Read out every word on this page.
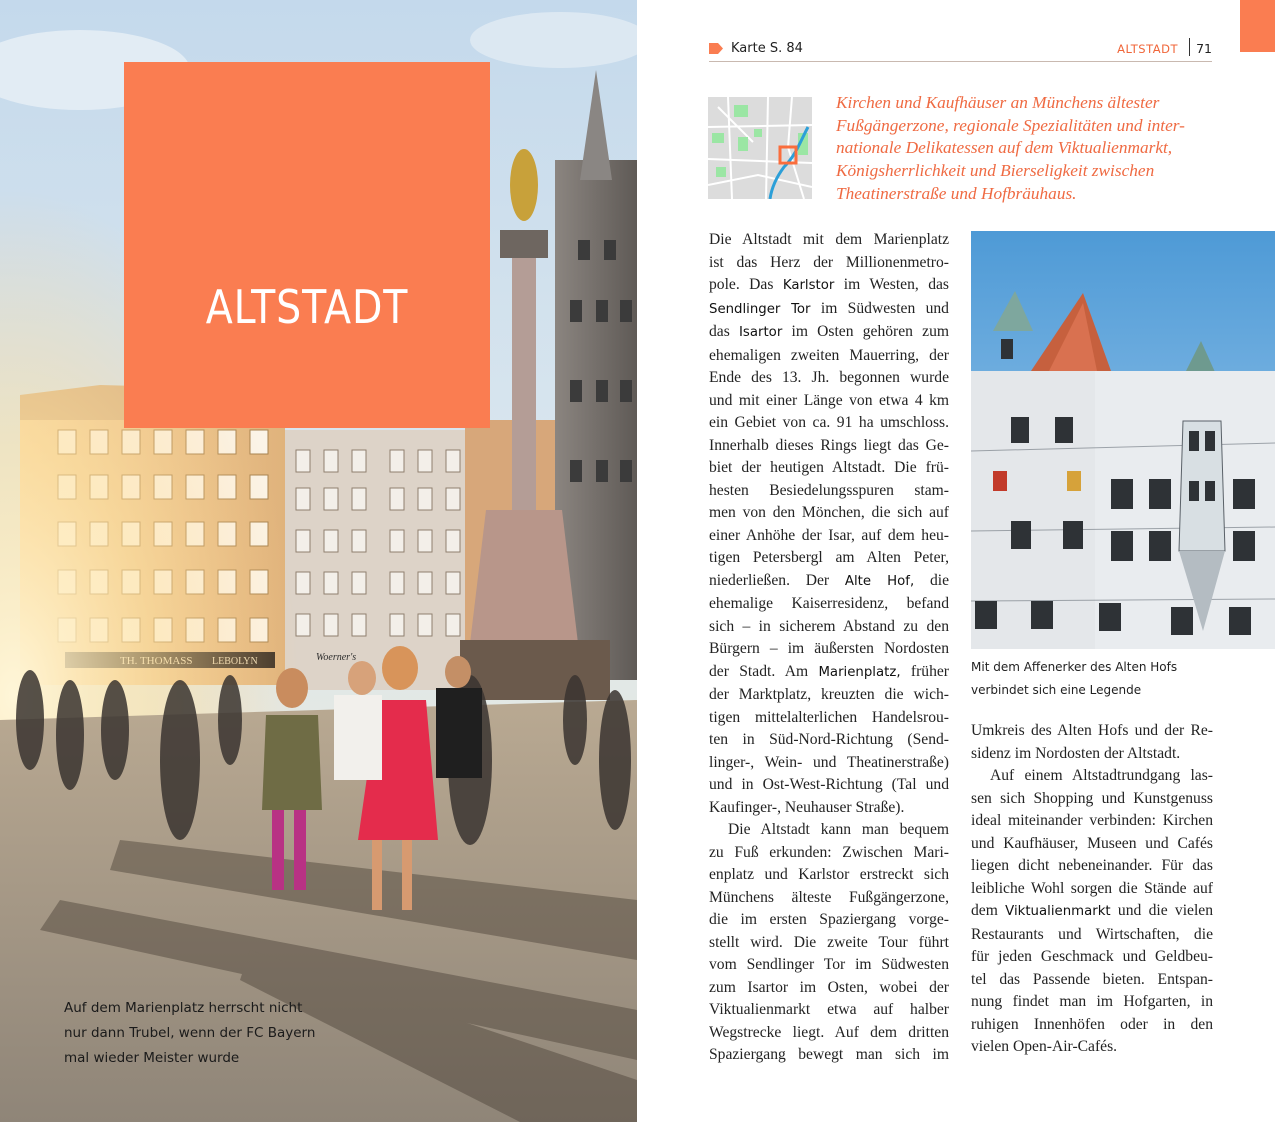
ALTSTADT
Auf dem Marienplatz herrscht nicht
nur dann Trubel, wenn der FC Bayern
mal wieder Meister wurde
Karte S. 84	ALTSTADT 71
Kirchen und Kaufhäuser an Münchens ältester
Fußgängerzone, regionale Spezialitäten und inter-
nationale Delikatessen auf dem Viktualienmarkt,
Königsherrlichkeit und Bierseligkeit zwischen
Theatinerstraße und Hofbräuhaus.
Die Altstadt mit dem Marienplatz
ist das Herz der Millionenmetro-
pole. Das Karlstor im Westen, das
Sendlinger Tor im Südwesten und
das Isartor im Osten gehören zum
ehemaligen zweiten Mauerring, der
Ende des 13. Jh. begonnen wurde
und mit einer Länge von etwa 4 km
ein Gebiet von ca. 91 ha umschloss.
Innerhalb dieses Rings liegt das Ge-
biet der heutigen Altstadt. Die frü-
hesten Besiedelungsspuren stam-
men von den Mönchen, die sich auf
einer Anhöhe der Isar, auf dem heu-
tigen Petersbergl am Alten Peter,
niederließen. Der Alte Hof, die
ehemalige Kaiserresidenz, befand
sich – in sicherem Abstand zu den
Bürgern – im äußersten Nordosten
der Stadt. Am Marienplatz, früher
der Marktplatz, kreuzten die wich-
tigen mittelalterlichen Handelsrou-
ten in Süd-Nord-Richtung (Send-
linger-, Wein- und Theatinerstraße)
und in Ost-West-Richtung (Tal und
Kaufinger-, Neuhauser Straße).
Die Altstadt kann man bequem
zu Fuß erkunden: Zwischen Mari-
enplatz und Karlstor erstreckt sich
Münchens älteste Fußgängerzone,
die im ersten Spaziergang vorge-
stellt wird. Die zweite Tour führt
vom Sendlinger Tor im Südwesten
zum Isartor im Osten, wobei der
Viktualienmarkt etwa auf halber
Wegstrecke liegt. Auf dem dritten
Spaziergang bewegt man sich im
Mit dem Affenerker des Alten Hofs
verbindet sich eine Legende
Umkreis des Alten Hofs und der Re-
sidenz im Nordosten der Altstadt.
Auf einem Altstadtrundgang las-
sen sich Shopping und Kunstgenuss
ideal miteinander verbinden: Kirchen
und Kaufhäuser, Museen und Cafés
liegen dicht nebeneinander. Für das
leibliche Wohl sorgen die Stände auf
dem Viktualienmarkt und die vielen
Restaurants und Wirtschaften, die
für jeden Geschmack und Geldbeu-
tel das Passende bieten. Entspan-
nung findet man im Hofgarten, in
ruhigen Innenhöfen oder in den
vielen Open-Air-Cafés.
